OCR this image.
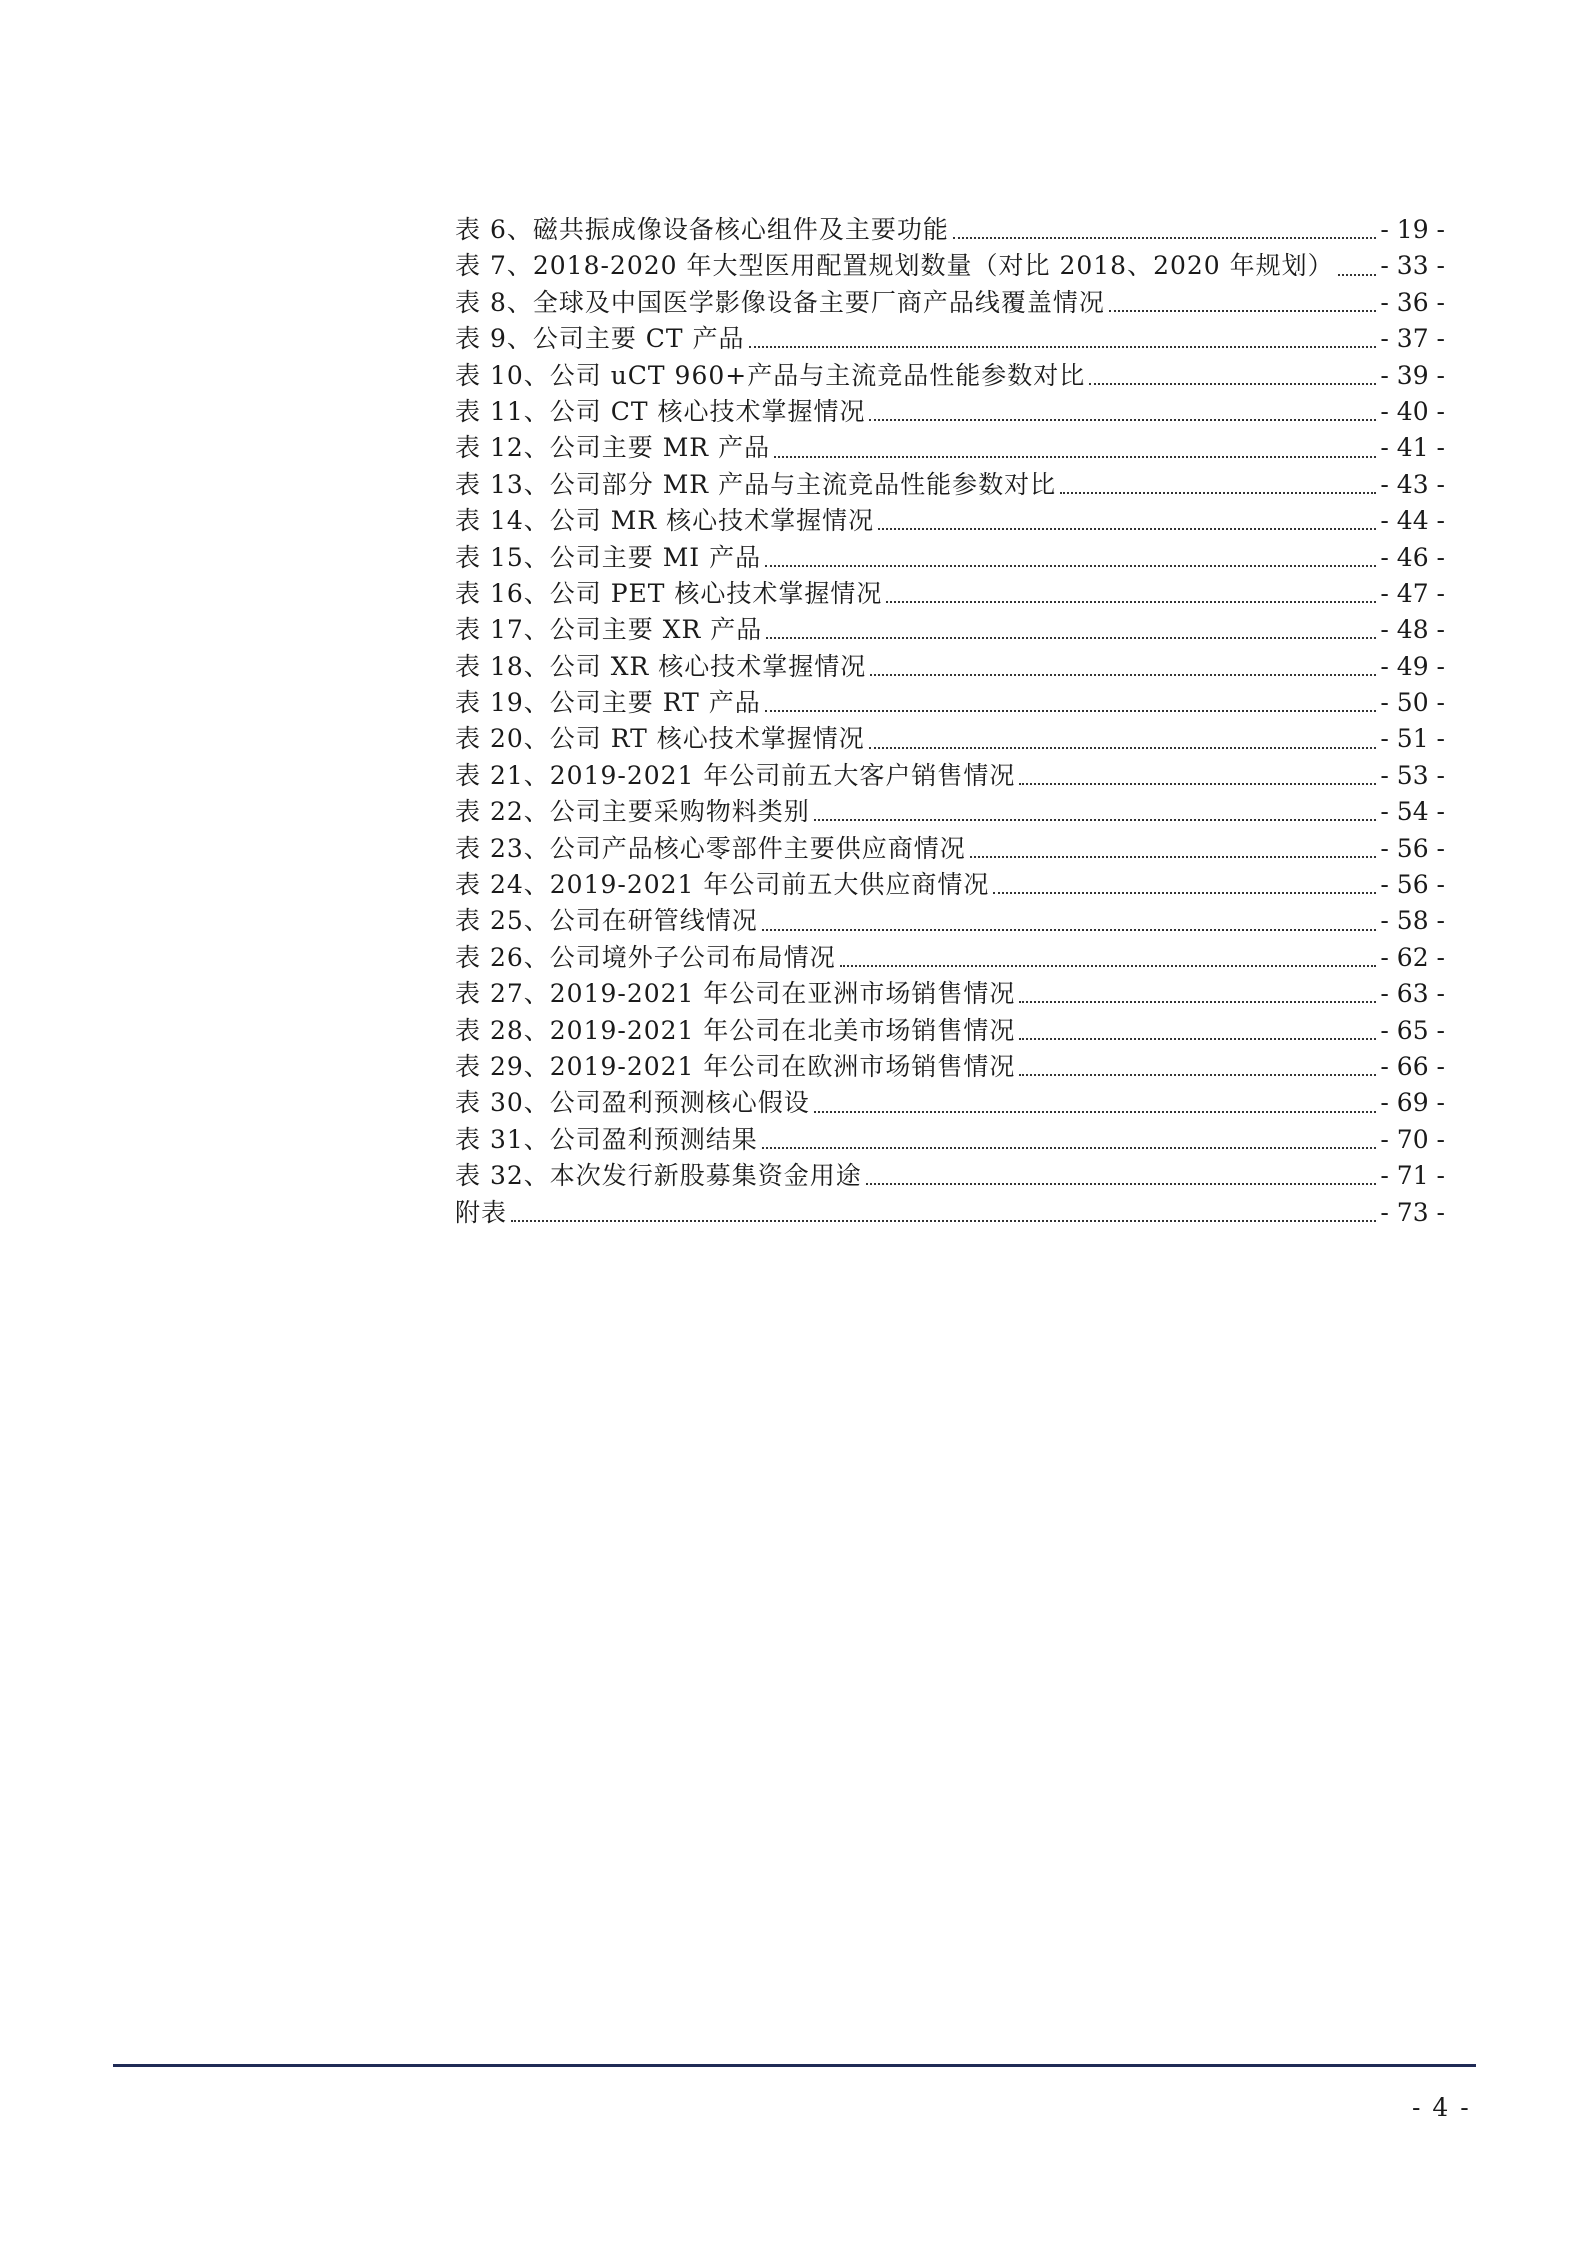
表 6、磁共振成像设备核心组件及主要功能	- 19 -
表 7、2018-2020 年大型医用配置规划数量（对比 2018、2020 年规划） - 33 -
表 8、全球及中国医学影像设备主要厂商产品线覆盖情况	- 36 -
表 9、公司主要 CT 产品	- 37 -
表 10、公司 uCT 960+产品与主流竞品性能参数对比	- 39 -
表 11、公司 CT 核心技术掌握情况	- 40 -
表 12、公司主要 MR 产品	- 41 -
表 13、公司部分 MR 产品与主流竞品性能参数对比	- 43 -
表 14、公司 MR 核心技术掌握情况	- 44 -
表 15、公司主要 MI 产品	- 46 -
表 16、公司 PET 核心技术掌握情况	- 47 -
表 17、公司主要 XR 产品	- 48 -
表 18、公司 XR 核心技术掌握情况	- 49 -
表 19、公司主要 RT 产品	- 50 -
表 20、公司 RT 核心技术掌握情况	- 51 -
表 21、2019-2021 年公司前五大客户销售情况	- 53 -
表 22、公司主要采购物料类别	- 54 -
表 23、公司产品核心零部件主要供应商情况	- 56 -
表 24、2019-2021 年公司前五大供应商情况	- 56 -
表 25、公司在研管线情况	- 58 -
表 26、公司境外子公司布局情况	- 62 -
表 27、2019-2021 年公司在亚洲市场销售情况	- 63 -
表 28、2019-2021 年公司在北美市场销售情况	- 65 -
表 29、2019-2021 年公司在欧洲市场销售情况	- 66 -
表 30、公司盈利预测核心假设	- 69 -
表 31、公司盈利预测结果	- 70 -
表 32、本次发行新股募集资金用途	- 71 -
附表	- 73 -
- 4 -
